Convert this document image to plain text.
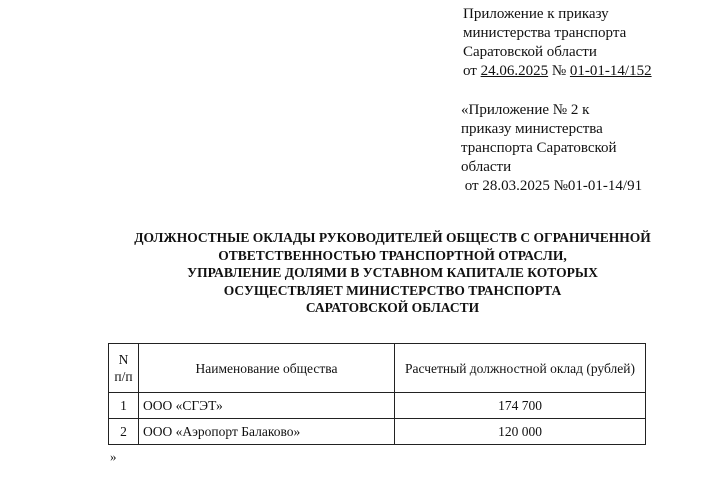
Приложение к приказу
министерства транспорта
Саратовской области
от 24.06.2025 № 01-01-14/152
«Приложение № 2 к
приказу министерства
транспорта Саратовской
области
от 28.03.2025 №01-01-14/91
ДОЛЖНОСТНЫЕ ОКЛАДЫ РУКОВОДИТЕЛЕЙ ОБЩЕСТВ С ОГРАНИЧЕННОЙ
ОТВЕТСТВЕННОСТЬЮ ТРАНСПОРТНОЙ ОТРАСЛИ,
УПРАВЛЕНИЕ ДОЛЯМИ В УСТАВНОМ КАПИТАЛЕ КОТОРЫХ
ОСУЩЕСТВЛЯЕТ МИНИСТЕРСТВО ТРАНСПОРТА
САРАТОВСКОЙ ОБЛАСТИ
N
п/п	Наименование общества	Расчетный должностной оклад (рублей)
1	ООО «СГЭТ»	174 700
2	ООО «Аэропорт Балаково»	120 000
»
